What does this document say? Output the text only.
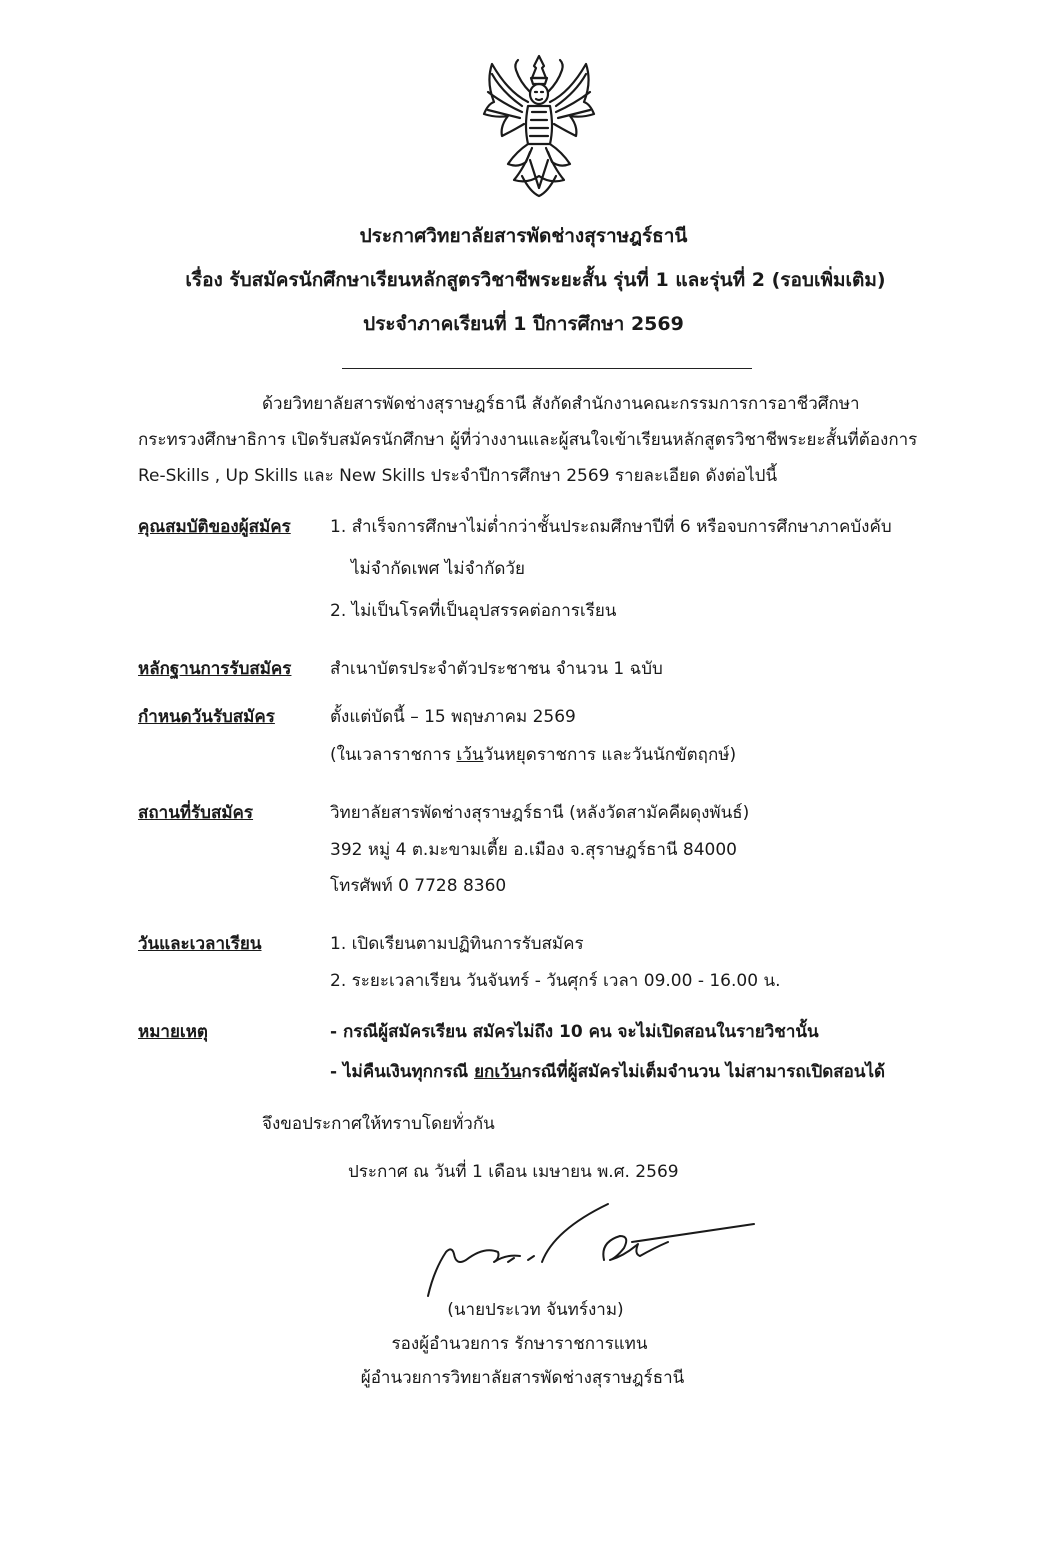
ประกาศวิทยาลัยสารพัดช่างสุราษฎร์ธานี
เรื่อง รับสมัครนักศึกษาเรียนหลักสูตรวิชาชีพระยะสั้น รุ่นที่ 1 และรุ่นที่ 2 (รอบเพิ่มเติม)
ประจำภาคเรียนที่ 1 ปีการศึกษา 2569
ด้วยวิทยาลัยสารพัดช่างสุราษฎร์ธานี สังกัดสำนักงานคณะกรรมการการอาชีวศึกษา
กระทรวงศึกษาธิการ เปิดรับสมัครนักศึกษา ผู้ที่ว่างงานและผู้สนใจเข้าเรียนหลักสูตรวิชาชีพระยะสั้นที่ต้องการ
Re-Skills , Up Skills และ New Skills ประจำปีการศึกษา 2569 รายละเอียด ดังต่อไปนี้
คุณสมบัติของผู้สมัคร 1. สำเร็จการศึกษาไม่ต่ำกว่าชั้นประถมศึกษาปีที่ 6 หรือจบการศึกษาภาคบังคับ
ไม่จำกัดเพศ ไม่จำกัดวัย
2. ไม่เป็นโรคที่เป็นอุปสรรคต่อการเรียน
หลักฐานการรับสมัคร สำเนาบัตรประจำตัวประชาชน จำนวน 1 ฉบับ
กำหนดวันรับสมัคร	ตั้งแต่บัดนี้ – 15 พฤษภาคม 2569
(ในเวลาราชการ เว้นวันหยุดราชการ และวันนักขัตฤกษ์)
สถานที่รับสมัคร	วิทยาลัยสารพัดช่างสุราษฎร์ธานี (หลังวัดสามัคคีผดุงพันธ์)
392 หมู่ 4 ต.มะขามเตี้ย อ.เมือง จ.สุราษฎร์ธานี 84000
โทรศัพท์ 0 7728 8360
วันและเวลาเรียน	1. เปิดเรียนตามปฏิทินการรับสมัคร
2. ระยะเวลาเรียน วันจันทร์ - วันศุกร์ เวลา 09.00 - 16.00 น.
หมายเหตุ	- กรณีผู้สมัครเรียน สมัครไม่ถึง 10 คน จะไม่เปิดสอนในรายวิชานั้น
- ไม่คืนเงินทุกกรณี ยกเว้นกรณีที่ผู้สมัครไม่เต็มจำนวน ไม่สามารถเปิดสอนได้
จึงขอประกาศให้ทราบโดยทั่วกัน
ประกาศ ณ วันที่ 1 เดือน เมษายน พ.ศ. 2569
(นายประเวท จันทร์งาม)
รองผู้อำนวยการ รักษาราชการแทน
ผู้อำนวยการวิทยาลัยสารพัดช่างสุราษฎร์ธานี
